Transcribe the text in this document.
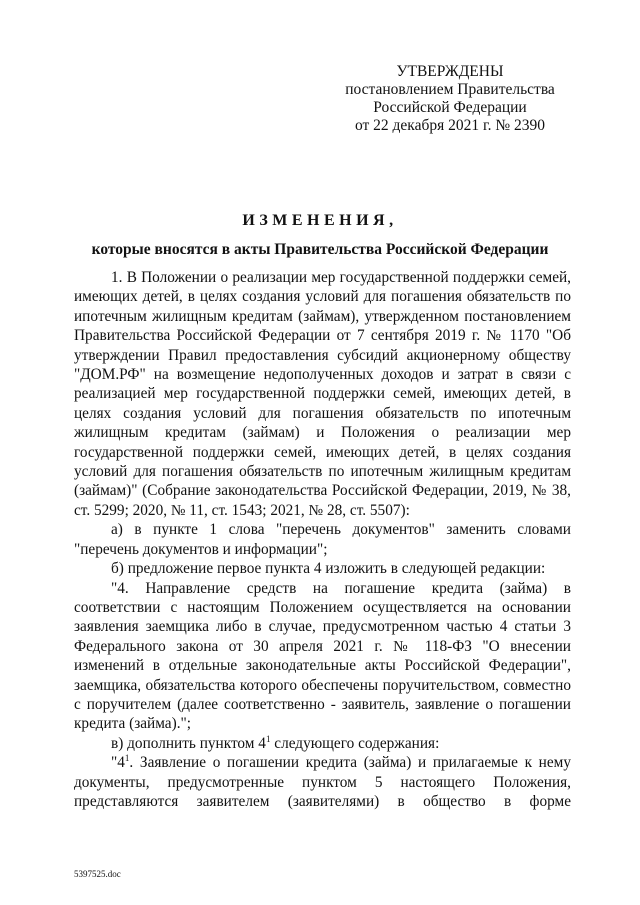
УТВЕРЖДЕНЫ
постановлением Правительства
Российской Федерации
от 22 декабря 2021 г. № 2390
ИЗМЕНЕНИЯ,
которые вносятся в акты Правительства Российской Федерации

1. В Положении о реализации мер государственной поддержки семей, имеющих детей, в целях создания условий для погашения обязательств по ипотечным жилищным кредитам (займам), утвержденном постановлением Правительства Российской Федерации от 7 сентября 2019 г. № 1170 "Об утверждении Правил предоставления субсидий акционерному обществу "ДОМ.РФ" на возмещение недополученных доходов и затрат в связи с реализацией мер государственной поддержки семей, имеющих детей, в целях создания условий для погашения обязательств по ипотечным жилищным кредитам (займам) и Положения о реализации мер государственной поддержки семей, имеющих детей, в целях создания условий для погашения обязательств по ипотечным жилищным кредитам (займам)" (Собрание законодательства Российской Федерации, 2019, № 38, ст. 5299; 2020, № 11, ст. 1543; 2021, № 28, ст. 5507):

а) в пункте 1 слова "перечень документов" заменить словами "перечень документов и информации";

б) предложение первое пункта 4 изложить в следующей редакции:

"4. Направление средств на погашение кредита (займа) в соответствии с настоящим Положением осуществляется на основании заявления заемщика либо в случае, предусмотренном частью 4 статьи 3 Федерального закона от 30 апреля 2021 г. № 118-ФЗ "О внесении изменений в отдельные законодательные акты Российской Федерации", заемщика, обязательства которого обеспечены поручительством, совместно с поручителем (далее соответственно - заявитель, заявление о погашении кредита (займа).";

в) дополнить пунктом $4^1$ следующего содержания:

"$4^1$. Заявление о погашении кредита (займа) и прилагаемые к нему документы, предусмотренные пунктом 5 настоящего Положения, представляются заявителем (заявителями) в общество в форме

5397525.doc
